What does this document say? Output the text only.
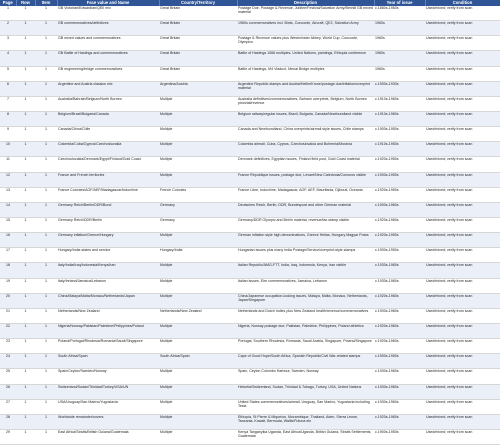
Page	Row	Item	Face value and Name	Country/Territory	Description	Year of issue	Condition
1	1	1	GB Victorian/Edwardian/QEII mix	Great Britain	Postage Due, Postage & Revenue, Jubilee/Festival/Salvation Army/Bexhill GB mixed material	c.1880s-1960s	Used/mixed; verify from scan
2	1	1	GB commemoratives/definitives	Great Britain	1960s commemoratives incl. Birds, Concorde, Aircraft, QE2, Salvation Army	1960s	Used/mixed; verify from scan
3	1	1	GB mixed values and commemoratives	Great Britain	Postage & Revenue values plus Westminster Abbey, World Cup, Concorde, Olympics	1960s	Used/mixed; verify from scan
4	1	1	GB Battle of Hastings and commemoratives	Great Britain	Battle of Hastings 1066 multiples, United Nations, paintings, Ethiopia conference	1960s	Used/mixed; verify from scan
5	1	1	GB engineering/bridge commemoratives	Great Britain	Battle of Hastings, M4 Viaduct, Menai Bridge multiples	1960s	Used/mixed; verify from scan
6	1	1	Argentine and Austria classics mix	Argentina/Austria	Argentine Republic stamps and Austria/Heller/Krone/postage due/inflation/overprint material	c.1900s-1930s	Used/mixed; verify from scan
7	1	1	Australia/Bahrain/Belgium/North Borneo	Multiple	Australia definitives/commemoratives, Bahrain overprints, Belgium, North Borneo pictorial/revenue	c.1910s-1960s	Used/mixed; verify from scan
8	1	1	Belgium/Brazil/Bulgaria/Canada	Multiple	Belgium railway/regular issues, Brazil, Bulgaria, Canada/Newfoundland visible	c.1910s-1960s	Used/mixed; verify from scan
9	1	1	Canada/China/Chile	Multiple	Canada and Newfoundland, China overprints/airmail style issues, Chile stamps	c.1900s-1950s	Used/mixed; verify from scan
10	1	1	Colombia/Cuba/Cyprus/Czechoslovakia	Multiple	Colombia airmail, Cuba, Cyprus, Czechoslovakia and Bohemia/Moravia	c.1910s-1950s	Used/mixed; verify from scan
11	1	1	Czechoslovakia/Denmark/Egypt/Finland/Gold Coast	Multiple	Denmark definitives, Egyptian issues, Finland field post, Gold Coast material	c.1920s-1950s	Used/mixed; verify from scan
12	1	1	France and French territories	Multiple	France République issues, postage due, Levant/New Caledonia/Comoros visible	c.1900s-1950s	Used/mixed; verify from scan
13	1	1	France Colonies/AOF/AEF/Madagascar/Indochine	French Colonies	France Libre, Indochine, Madagascar, AOF, AEF, Mauritania, Djibouti, Oceania	c.1920s-1950s	Used/mixed; verify from scan
14	1	1	Germany Reich/Berlin/DDR/Bund	Germany	Deutsches Reich, Berlin, DDR, Bundespost and other German material	c.1900s-1960s	Used/mixed; verify from scan
15	1	1	Germany Reich/DDR/Berlin	Germany	Germany/DDR Olympic and Berlin material, revenue/tax stamp visible	c.1920s-1960s	Used/mixed; verify from scan
16	1	1	Germany inflation/Greece/Hungary	Multiple	German inflation style high denominations, Greece Hellas, Hungary Magyar Posta	c.1920s-1950s	Used/mixed; verify from scan
17	1	1	Hungary/India states and service	Hungary/India	Hungarian issues plus many India Postage/Service/overprint-style stamps	c.1900s-1950s	Used/mixed; verify from scan
18	1	1	Italy/India/Iraq/Indonesia/Kenya/Iran	Multiple	Italian Republic/AMG-FTT, India, Iraq, Indonesia, Kenya, Iran visible	c.1930s-1960s	Used/mixed; verify from scan
19	1	1	Italy/Ireland/Jamaica/Lebanon	Multiple	Italian issues, Eire commemoratives, Jamaica, Lebanon	c.1930s-1960s	Used/mixed; verify from scan
20	1	1	China/Malaya/Malta/Monaco/Netherlands/Japan	Multiple	China/Japanese occupation-looking issues, Malaya, Malta, Monaco, Netherlands, Japan/Singapore	c.1920s-1960s	Used/mixed; verify from scan
21	1	1	Netherlands/New Zealand	Netherlands/New Zealand	Netherlands and Dutch Indies plus New Zealand health/revenue/commemoratives	c.1900s-1960s	Used/mixed; verify from scan
22	1	1	Nigeria/Norway/Pakistan/Palestine/Philippines/Poland	Multiple	Nigeria, Norway postage due, Pakistan, Palestine, Philippines, Poland athletics	c.1920s-1960s	Used/mixed; verify from scan
23	1	1	Poland/Portugal/Rhodesia/Romania/Saudi/Singapore	Multiple	Portugal, Southern Rhodesia, Romania, Saudi Arabia, Singapore, Poland/Singapore	c.1920s-1960s	Used/mixed; verify from scan
24	1	1	South Africa/Spain	South Africa/Spain	Cape of Good Hope/South Africa, Spanish Republic/Civil War-related stamps	c.1900s-1950s	Used/mixed; verify from scan
25	1	1	Spain/Ceylon/Sweden/Norway	Multiple	Spain, Ceylon Colombo Harbour, Sweden, Norway	c.1930s-1960s	Used/mixed; verify from scan
26	1	1	Switzerland/Sudan/Trinidad/Turkey/USA/UN	Multiple	Helvetia/Switzerland, Sudan, Trinidad & Tobago, Turkey, USA, United Nations	c.1930s-1960s	Used/mixed; verify from scan
27	1	1	USA/Uruguay/San Marino/Yugoslavia	Multiple	United States commemoratives/airmail, Uruguay, San Marino, Yugoslavia including Tesla	c.1930s-1960s	Used/mixed; verify from scan
28	1	1	Worldwide remainder/covers	Multiple	Ethiopia, St Pierre & Miquelon, Mozambique, Thailand, Aden, Sierra Leone, Tanzania, Kuwait, Bermuda, Wallis/Futuna etc	c.1920s-1960s	Used/mixed; verify from scan
29	1	1	East Africa/Straits/British Guiana/Guatemala	Multiple	Kenya Tanganyika Uganda, East Africa/Uganda, British Guiana, Straits Settlements, Guatemala	c.1900s-1950s	Used/mixed; verify from scan
